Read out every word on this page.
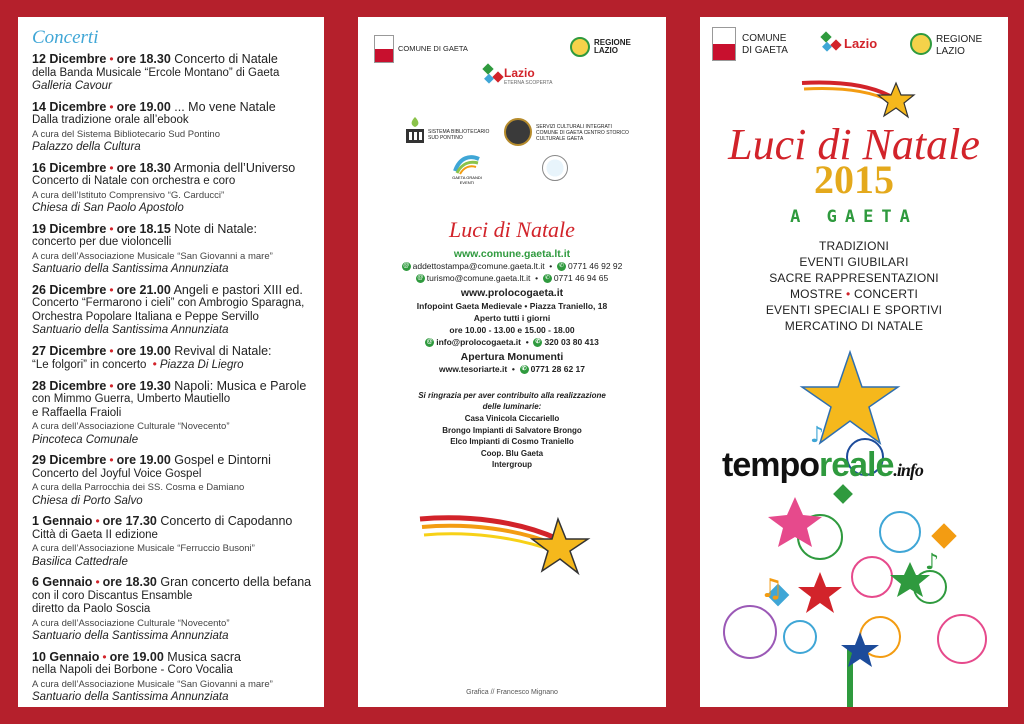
Concerti
12 Dicembre • ore 18.30 Concerto di Natale
della Banda Musicale “Ercole Montano” di Gaeta
Galleria Cavour
14 Dicembre • ore 19.00 ... Mo vene Natale
Dalla tradizione orale all’ebook
A cura del Sistema Bibliotecario Sud Pontino
Palazzo della Cultura
16 Dicembre • ore 18.30 Armonia dell’Universo
Concerto di Natale con orchestra e coro
A cura dell’Istituto Comprensivo “G. Carducci”
Chiesa di San Paolo Apostolo
19 Dicembre • ore 18.15 Note di Natale:
concerto per due violoncelli
A cura dell’Associazione Musicale “San Giovanni a mare”
Santuario della Santissima Annunziata
26 Dicembre • ore 21.00 Angeli e pastori XIII ed.
Concerto “Fermarono i cieli” con Ambrogio Sparagna,
Orchestra Popolare Italiana e Peppe Servillo
Santuario della Santissima Annunziata
27 Dicembre • ore 19.00 Revival di Natale:
“Le folgori” in concerto • Piazza Di Liegro
28 Dicembre • ore 19.30 Napoli: Musica e Parole
con Mimmo Guerra, Umberto Mautiello
e Raffaella Fraioli
A cura dell’Associazione Culturale “Novecento”
Pincoteca Comunale
29 Dicembre • ore 19.00 Gospel e Dintorni
Concerto del Joyful Voice Gospel
A cura della Parrocchia dei SS. Cosma e Damiano
Chiesa di Porto Salvo
1 Gennaio • ore 17.30 Concerto di Capodanno
Città di Gaeta II edizione
A cura dell’Associazione Musicale “Ferruccio Busoni”
Basilica Cattedrale
6 Gennaio • ore 18.30 Gran concerto della befana
con il coro Discantus Ensamble
diretto da Paolo Soscia
A cura dell’Associazione Culturale “Novecento”
Santuario della Santissima Annunziata
10 Gennaio • ore 19.00 Musica sacra
nella Napoli dei Borbone - Coro Vocalia
A cura dell’Associazione Musicale “San Giovanni a mare”
Santuario della Santissima Annunziata
COMUNE DI GAETA
REGIONE LAZIO
Lazio
ETERNA SCOPERTA
SISTEMA BIBLIOTECARIO SUD PONTINO
SERVIZI CULTURALI INTEGRATI COMUNE DI GAETA CENTRO STORICO CULTURALE GAETA
GAETA GRANDI EVENTI
Luci di Natale
www.comune.gaeta.lt.it
@ addettostampa@comune.gaeta.lt.it  •  ✆ 0771 46 92 92
@ turismo@comune.gaeta.lt.it  •  ✆ 0771 46 94 65
www.prolocogaeta.it
Infopoint Gaeta Medievale • Piazza Traniello, 18
Aperto tutti i giorni
ore 10.00 - 13.00 e 15.00 - 18.00
@ info@prolocogaeta.it  •  ✆ 320 03 80 413
Apertura Monumenti
www.tesoriarte.it  •  ✆ 0771 28 62 17
Si ringrazia per aver contribuito alla realizzazione
delle luminarie:
Grafica // Francesco Mignano
Casa Vinicola Ciccariello
Brongo Impianti di Salvatore Brongo
Elco Impianti di Cosmo Traniello
Coop. Blu Gaeta
Intergroup
COMUNE
DI GAETA	Lazio	REGIONE
LAZIO
Luci di Natale
2015
A GAETA
TRADIZIONI
EVENTI GIUBILARI
SACRE RAPPRESENTAZIONI
MOSTRE • CONCERTI
EVENTI SPECIALI E SPORTIVI
MERCATINO DI NATALE
♫
♪
♪
temporeale.info
